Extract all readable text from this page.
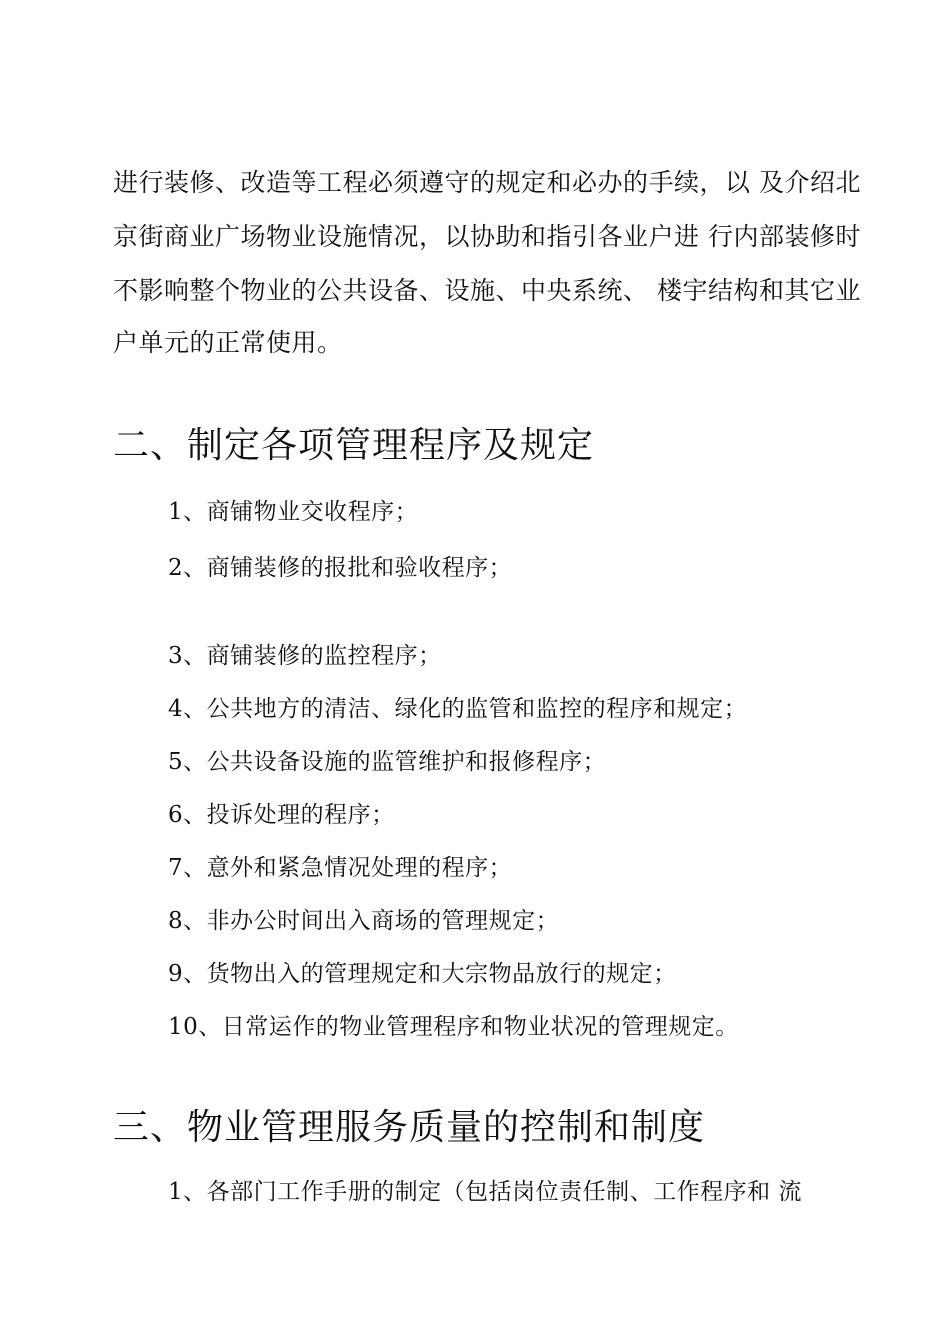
进行装修、改造等工程必须遵守的规定和必办的手续，以 及介绍北
京街商业广场物业设施情况，以协助和指引各业户进 行内部装修时
不影响整个物业的公共设备、设施、中央系统、 楼宇结构和其它业
户单元的正常使用。
二、制定各项管理程序及规定
1、商铺物业交收程序；
2、商铺装修的报批和验收程序；
3、商铺装修的监控程序；
4、公共地方的清洁、绿化的监管和监控的程序和规定；
5、公共设备设施的监管维护和报修程序；
6、投诉处理的程序；
7、意外和紧急情况处理的程序；
8、非办公时间出入商场的管理规定；
9、货物出入的管理规定和大宗物品放行的规定；
10、日常运作的物业管理程序和物业状况的管理规定。
三、物业管理服务质量的控制和制度
1、各部门工作手册的制定（包括岗位责任制、工作程序和 流
